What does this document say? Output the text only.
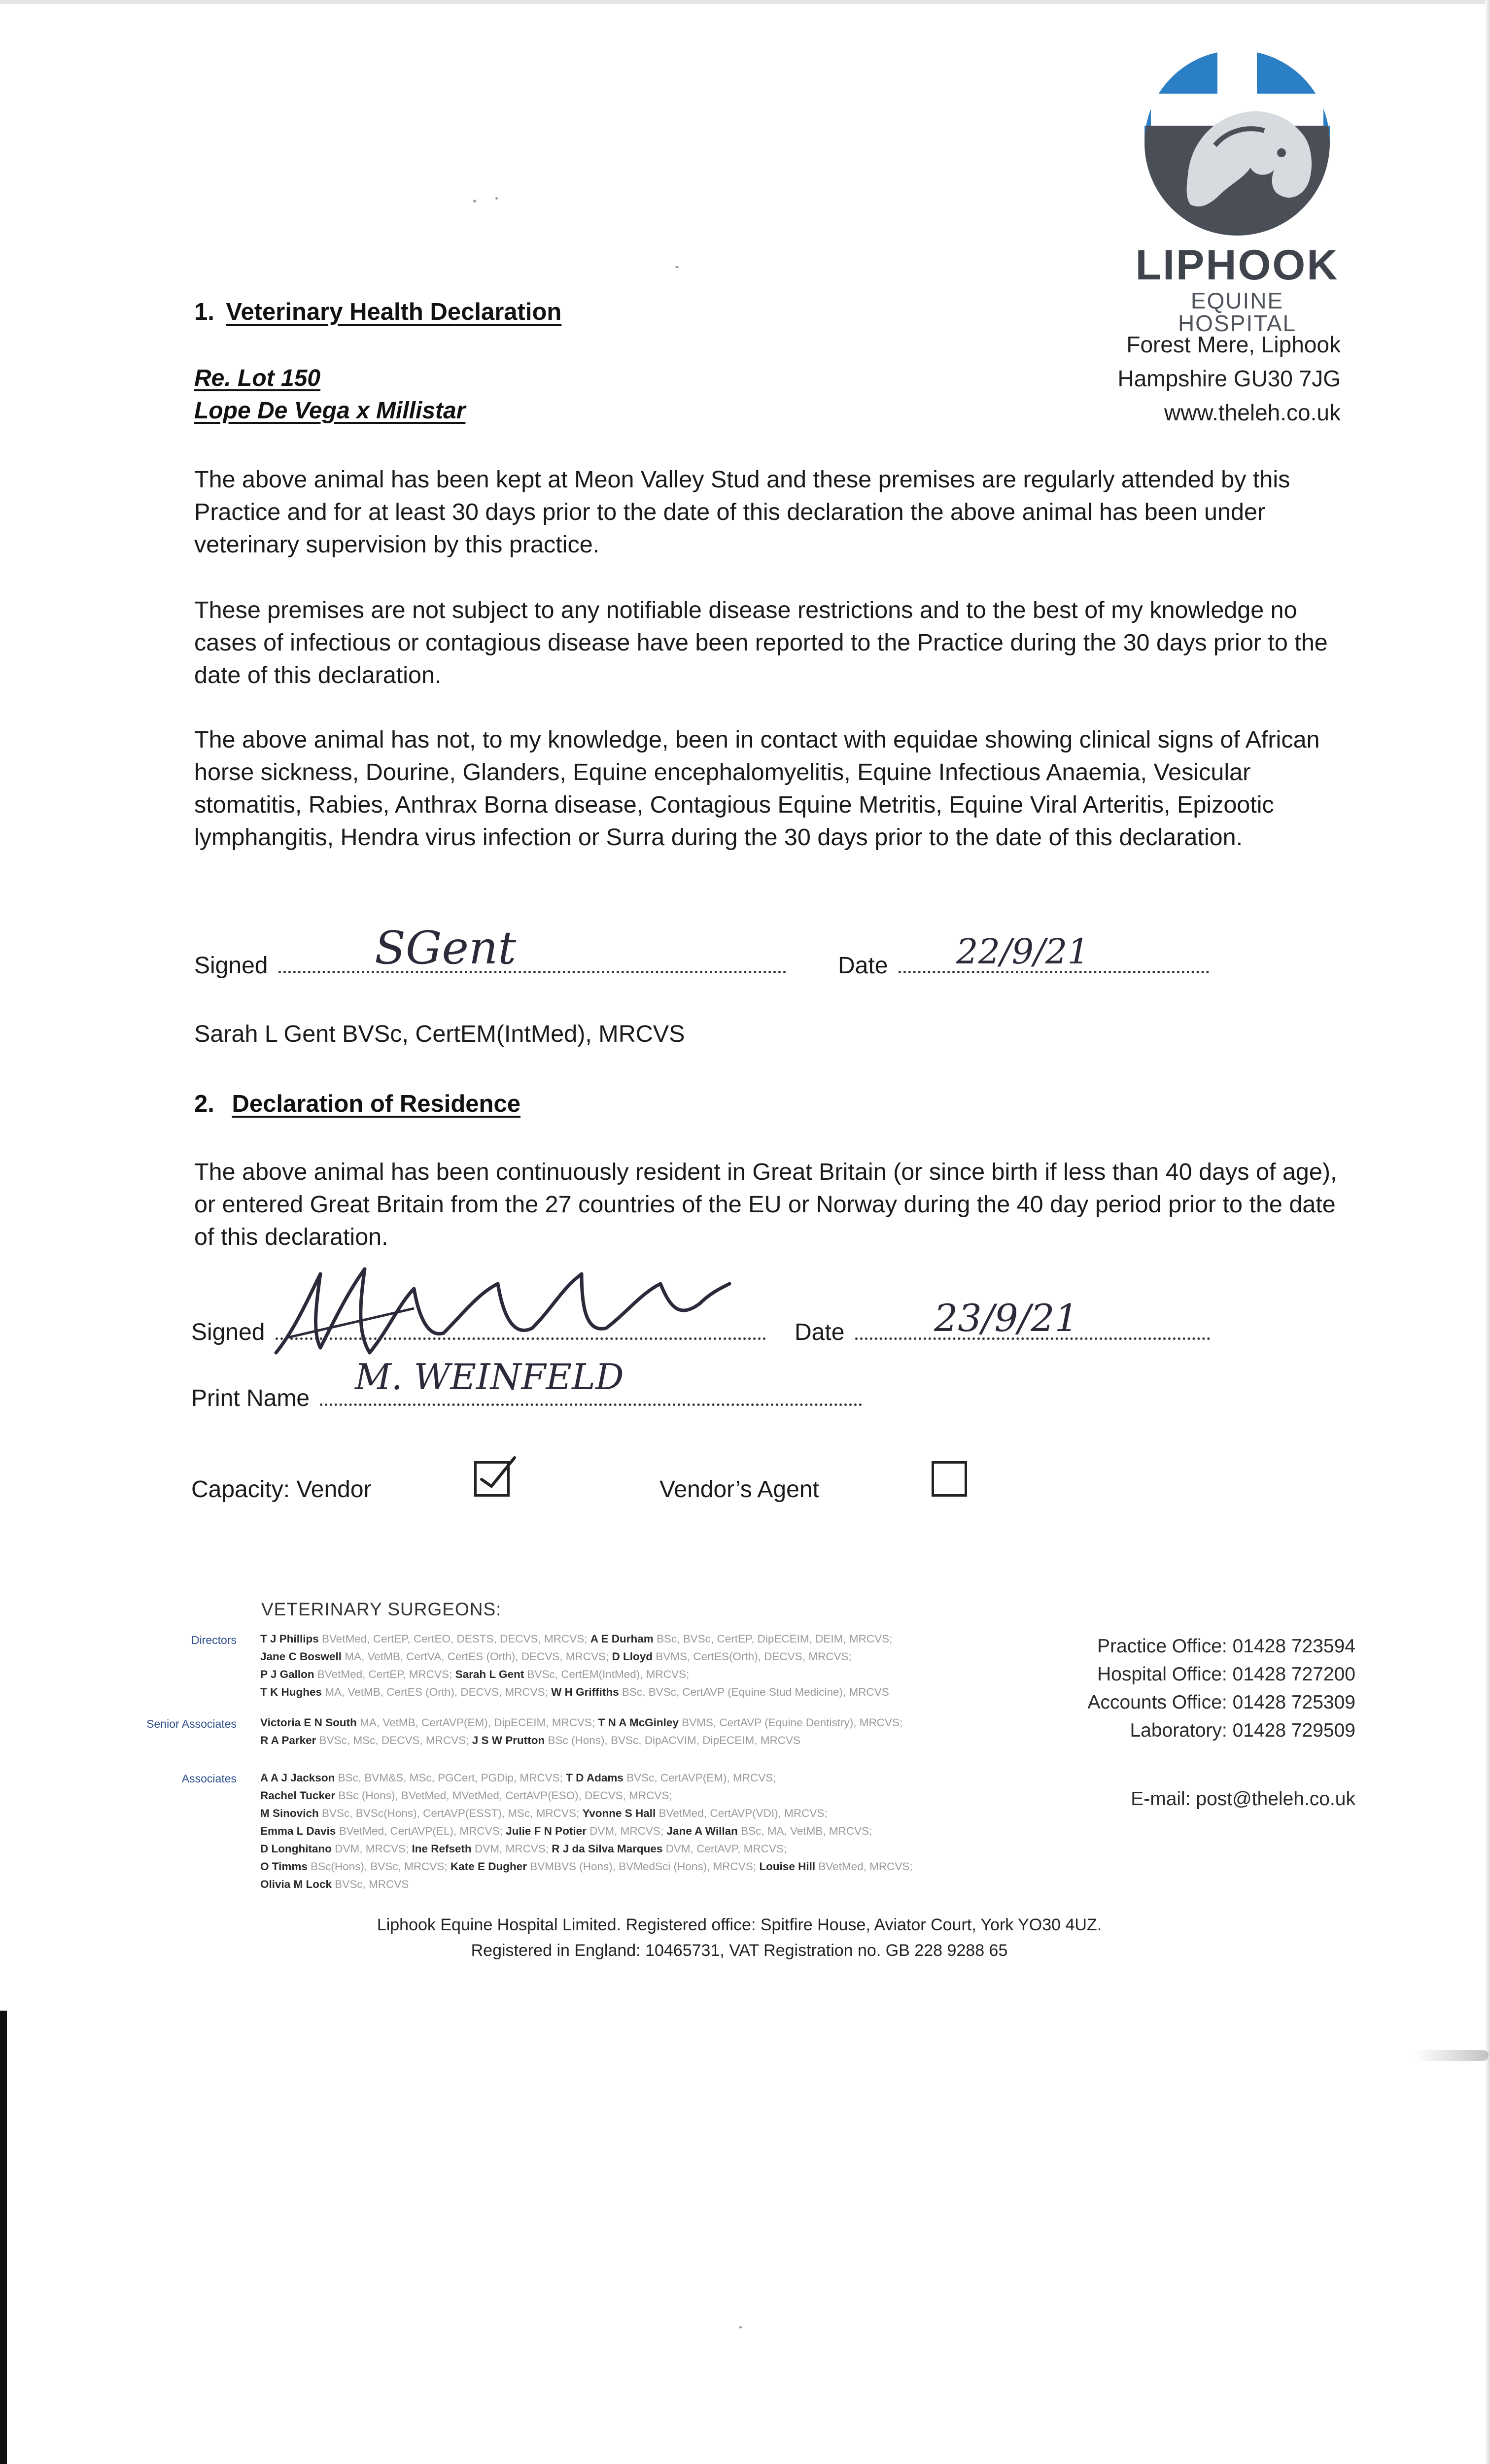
LIPHOOK
EQUINE HOSPITAL
Forest Mere, Liphook
Hampshire GU30 7JG
www.theleh.co.uk
1. Veterinary Health Declaration
Re. Lot 150
Lope De Vega x Millistar
The above animal has been kept at Meon Valley Stud and these premises are regularly attended by this Practice and for at least 30 days prior to the date of this declaration the above animal has been under veterinary supervision by this practice.
These premises are not subject to any notifiable disease restrictions and to the best of my knowledge no cases of infectious or contagious disease have been reported to the Practice during the 30 days prior to the date of this declaration.
The above animal has not, to my knowledge, been in contact with equidae showing clinical signs of African horse sickness, Dourine, Glanders, Equine encephalomyelitis, Equine Infectious Anaemia, Vesicular stomatitis, Rabies, Anthrax Borna disease, Contagious Equine Metritis, Equine Viral Arteritis, Epizootic lymphangitis, Hendra virus infection or Surra during the 30 days prior to the date of this declaration.
Signed	SGent	Date	22/9/21
Sarah L Gent BVSc, CertEM(IntMed), MRCVS
2. Declaration of Residence
The above animal has been continuously resident in Great Britain (or since birth if less than 40 days of age), or entered Great Britain from the 27 countries of the EU or Norway during the 40 day period prior to the date of this declaration.
Signed	Date	23/9/21
Print Name
M. WEINFELD
Capacity: Vendor	Vendor’s Agent
VETERINARY SURGEONS:
Directors T J Phillips BVetMed, CertEP, CertEO, DESTS, DECVS, MRCVS; A E Durham BSc, BVSc, CertEP, DipECEIM, DEIM, MRCVS;
Jane C Boswell MA, VetMB, CertVA, CertES (Orth), DECVS, MRCVS; D Lloyd BVMS, CertES(Orth), DECVS, MRCVS;
P J Gallon BVetMed, CertEP, MRCVS; Sarah L Gent BVSc, CertEM(IntMed), MRCVS;
T K Hughes MA, VetMB, CertES (Orth), DECVS, MRCVS; W H Griffiths BSc, BVSc, CertAVP (Equine Stud Medicine), MRCVS
Senior Associates Victoria E N South MA, VetMB, CertAVP(EM), DipECEIM, MRCVS; T N A McGinley BVMS, CertAVP (Equine Dentistry), MRCVS;
R A Parker BVSc, MSc, DECVS, MRCVS; J S W Prutton BSc (Hons), BVSc, DipACVIM, DipECEIM, MRCVS
Associates A A J Jackson BSc, BVM&S, MSc, PGCert, PGDip, MRCVS; T D Adams BVSc, CertAVP(EM), MRCVS;
Rachel Tucker BSc (Hons), BVetMed, MVetMed, CertAVP(ESO), DECVS, MRCVS;
M Sinovich BVSc, BVSc(Hons), CertAVP(ESST), MSc, MRCVS; Yvonne S Hall BVetMed, CertAVP(VDI), MRCVS;
Emma L Davis BVetMed, CertAVP(EL), MRCVS; Julie F N Potier DVM, MRCVS; Jane A Willan BSc, MA, VetMB, MRCVS;
D Longhitano DVM, MRCVS; Ine Refseth DVM, MRCVS; R J da Silva Marques DVM, CertAVP, MRCVS;
O Timms BSc(Hons), BVSc, MRCVS; Kate E Dugher BVMBVS (Hons), BVMedSci (Hons), MRCVS; Louise Hill BVetMed, MRCVS;
Olivia M Lock BVSc, MRCVS
Practice Office: 01428 723594
Hospital Office: 01428 727200
Accounts Office: 01428 725309
Laboratory: 01428 729509
E-mail: post@theleh.co.uk
Liphook Equine Hospital Limited. Registered office: Spitfire House, Aviator Court, York YO30 4UZ.
Registered in England: 10465731, VAT Registration no. GB 228 9288 65
